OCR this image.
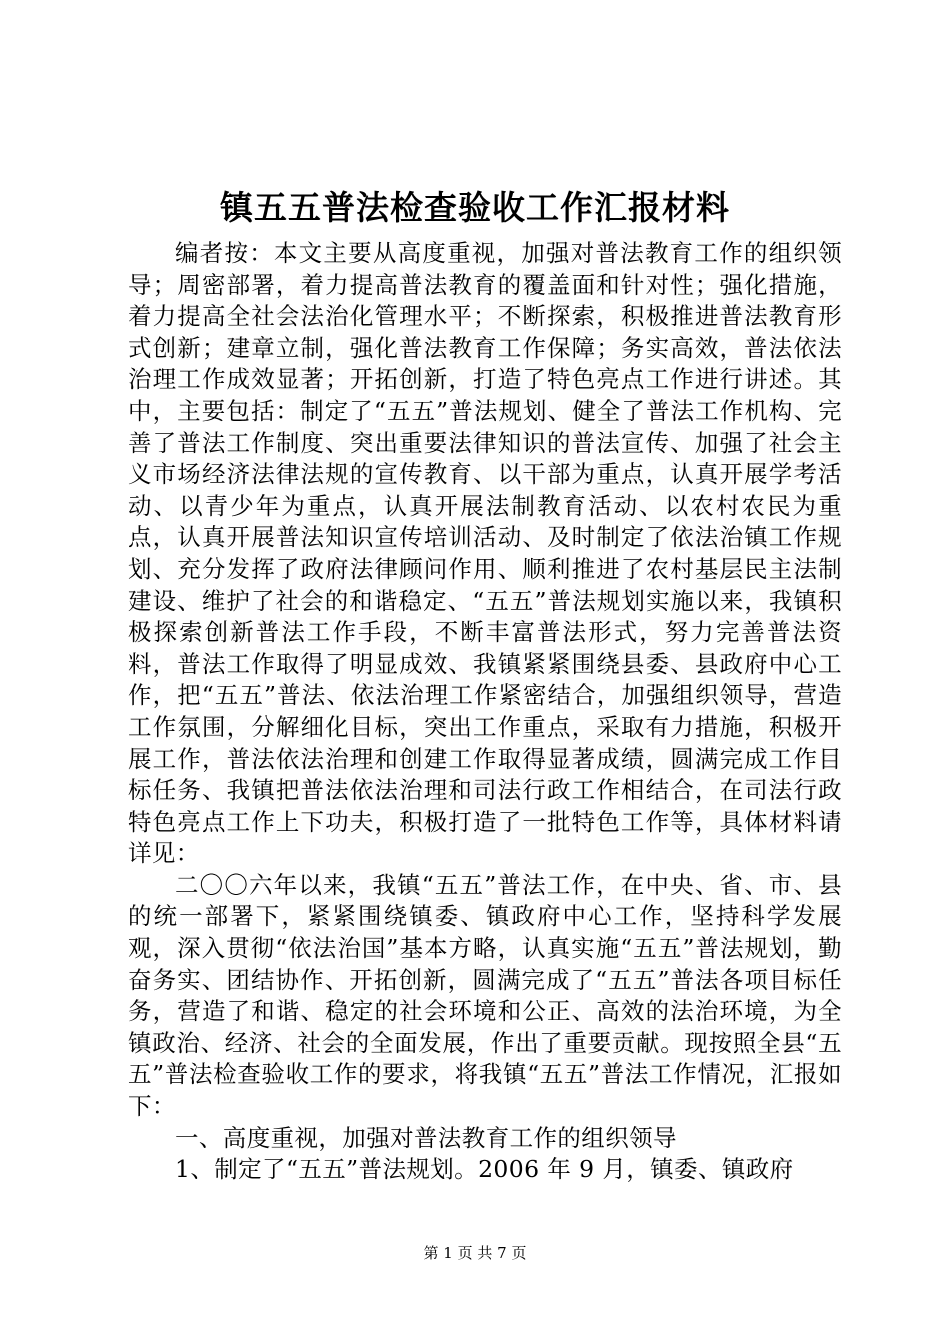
镇五五普法检查验收工作汇报材料

编者按：本文主要从高度重视，加强对普法教育工作的组织领导；周密部署，着力提高普法教育的覆盖面和针对性；强化措施，着力提高全社会法治化管理水平；不断探索，积极推进普法教育形式创新；建章立制，强化普法教育工作保障；务实高效，普法依法治理工作成效显著；开拓创新，打造了特色亮点工作进行讲述。其中，主要包括：制定了“五五”普法规划、健全了普法工作机构、完善了普法工作制度、突出重要法律知识的普法宣传、加强了社会主义市场经济法律法规的宣传教育、以干部为重点，认真开展学考活动、以青少年为重点，认真开展法制教育活动、以农村农民为重点，认真开展普法知识宣传培训活动、及时制定了依法治镇工作规划、充分发挥了政府法律顾问作用、顺利推进了农村基层民主法制建设、维护了社会的和谐稳定、“五五”普法规划实施以来，我镇积极探索创新普法工作手段，不断丰富普法形式，努力完善普法资料，普法工作取得了明显成效、我镇紧紧围绕县委、县政府中心工作，把“五五”普法、依法治理工作紧密结合，加强组织领导，营造工作氛围，分解细化目标，突出工作重点，采取有力措施，积极开展工作，普法依法治理和创建工作取得显著成绩，圆满完成工作目标任务、我镇把普法依法治理和司法行政工作相结合，在司法行政特色亮点工作上下功夫，积极打造了一批特色工作等，具体材料请详见：

二〇〇六年以来，我镇“五五”普法工作，在中央、省、市、县的统一部署下，紧紧围绕镇委、镇政府中心工作，坚持科学发展观，深入贯彻“依法治国”基本方略，认真实施“五五”普法规划，勤奋务实、团结协作、开拓创新，圆满完成了“五五”普法各项目标任务，营造了和谐、稳定的社会环境和公正、高效的法治环境，为全镇政治、经济、社会的全面发展，作出了重要贡献。现按照全县“五五”普法检查验收工作的要求，将我镇“五五”普法工作情况，汇报如下：

一、高度重视，加强对普法教育工作的组织领导

1、制定了“五五”普法规划。2006 年 9 月，镇委、镇政府

第 1 页 共 7 页
